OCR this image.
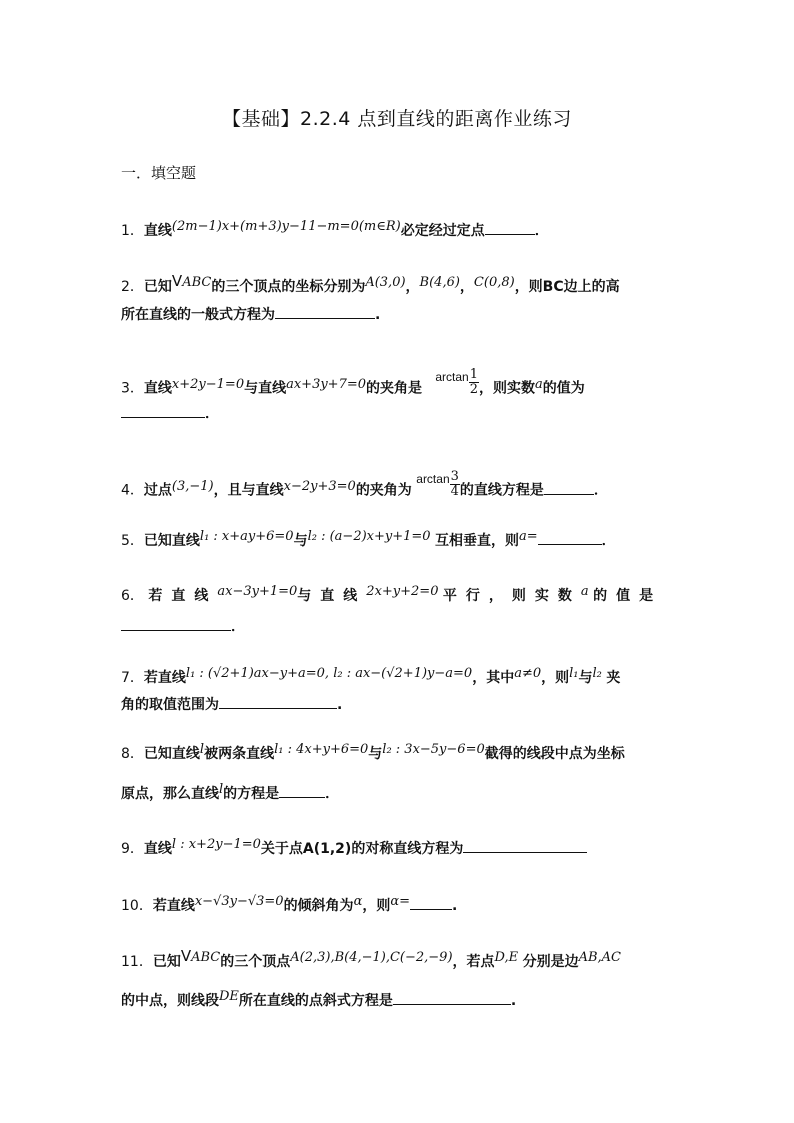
【基础】2.2.4 点到直线的距离作业练习
一．填空题
1．直线(2m−1)x+(m+3)y−11−m=0(m∈R)必定经过定点	．
2．已知VABC的三个顶点的坐标分别为A(3,0)，B(4,6)，C(0,8)，则BC边上的高
所在直线的一般式方程为	.
3．直线x+2y−1=0与直线ax+3y+7=0的夹角是   $\arctan \frac{1}{2}$ ，则实数a的值为
．
4．过点(3,−1)，且与直线x−2y+3=0的夹角为 $\arctan \frac{3}{4}$ 的直线方程是	．
5．已知直线l₁ : x+ay+6=0与l₂ : (a−2)x+y+1=0 互相垂直，则a=	．
6． 若直线ax−3y+1=0与直线2x+y+2=0 平行，则实数a 的值是
．
7．若直线l₁ : (√2+1)ax−y+a=0, l₂ : ax−(√2+1)y−a=0，其中a≠0，则l₁与l₂ 夹
角的取值范围为	.
8．已知直线l被两条直线l₁ : 4x+y+6=0与l₂ : 3x−5y−6=0截得的线段中点为坐标
原点，那么直线l的方程是	．
9．直线l : x+2y−1=0关于点A(1,2)的对称直线方程为
10．若直线x−√3y−√3=0的倾斜角为α，则α=	.
11．已知VABC的三个顶点A(2,3),B(4,−1),C(−2,−9)，若点D,E 分别是边AB,AC
的中点，则线段DE所在直线的点斜式方程是	.
